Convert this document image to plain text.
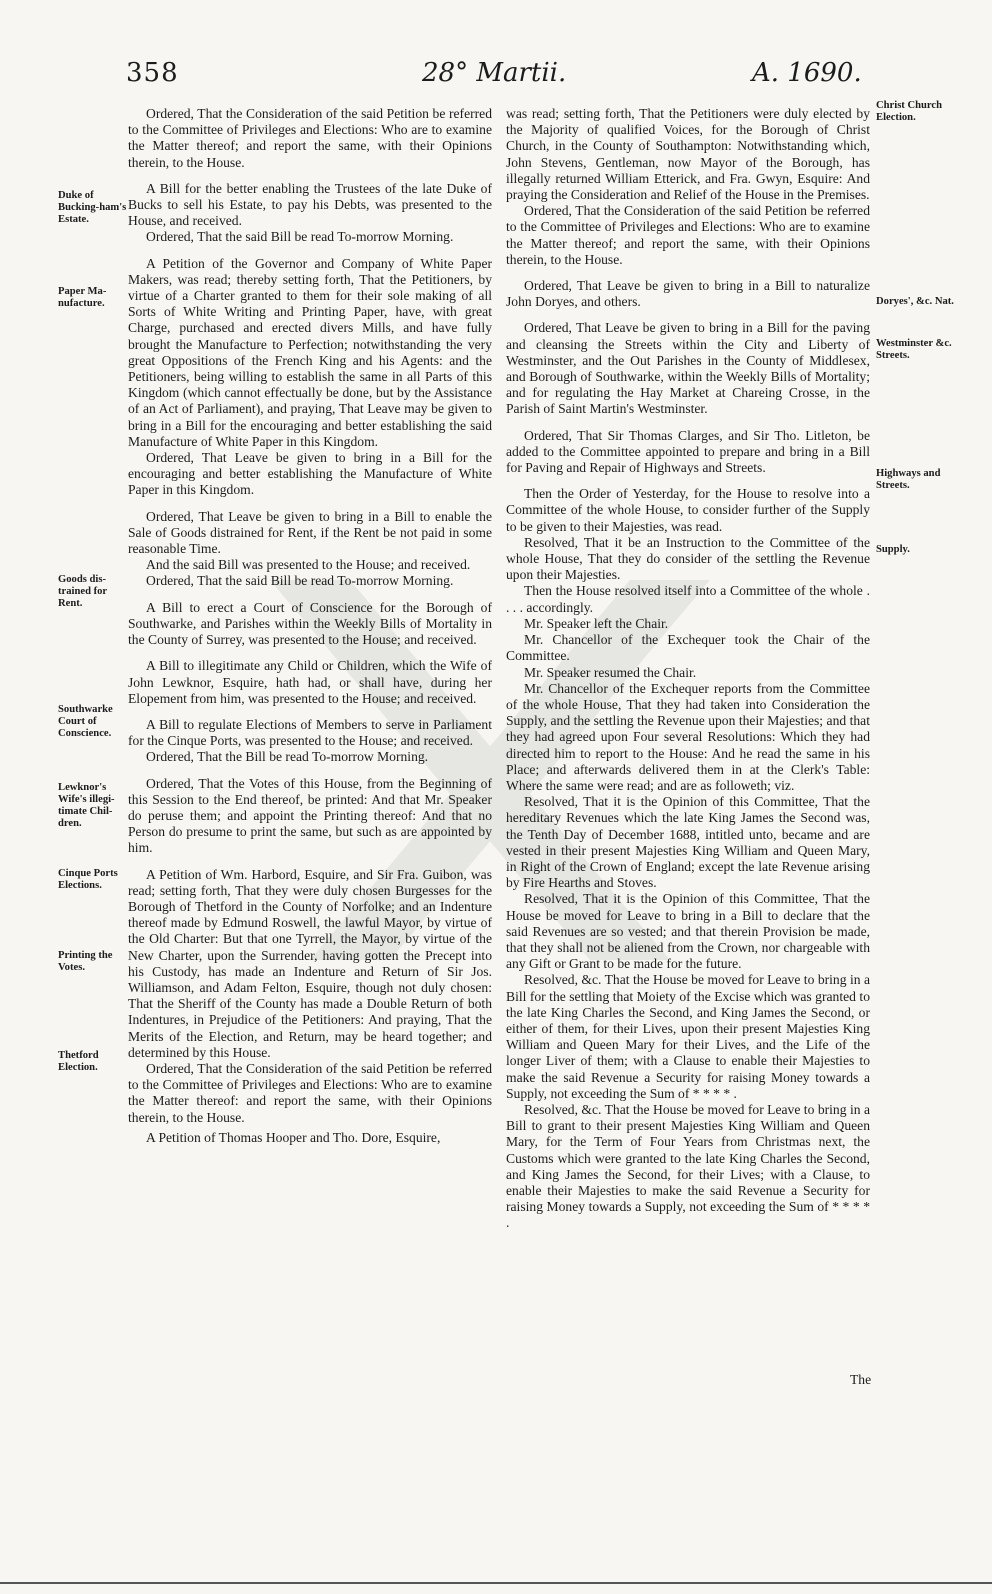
358	28° Martii.	A. 1690.
Duke of Bucking-ham's Estate.
Paper Ma-nufacture.
Goods dis-trained for Rent.
Southwarke Court of Conscience.
Lewknor's Wife's illegi-timate Chil-dren.
Cinque Ports Elections.
Printing the Votes.
Thetford Election.
Christ Church Election.
Doryes', &c. Nat.
Westminster &c. Streets.
Highways and Streets.
Supply.

Ordered, That the Consideration of the said Petition be referred to the Committee of Privileges and Elections: Who are to examine the Matter thereof; and report the same, with their Opinions therein, to the House.

A Bill for the better enabling the Trustees of the late Duke of Bucks to sell his Estate, to pay his Debts, was presented to the House, and received.

Ordered, That the said Bill be read To-morrow Morning.

A Petition of the Governor and Company of White Paper Makers, was read; thereby setting forth, That the Petitioners, by virtue of a Charter granted to them for their sole making of all Sorts of White Writing and Printing Paper, have, with great Charge, purchased and erected divers Mills, and have fully brought the Manufacture to Perfection; notwithstanding the very great Oppositions of the French King and his Agents: and the Petitioners, being willing to establish the same in all Parts of this Kingdom (which cannot effectually be done, but by the Assistance of an Act of Parliament), and praying, That Leave may be given to bring in a Bill for the encouraging and better establishing the said Manufacture of White Paper in this Kingdom.

Ordered, That Leave be given to bring in a Bill for the encouraging and better establishing the Manufacture of White Paper in this Kingdom.

Ordered, That Leave be given to bring in a Bill to enable the Sale of Goods distrained for Rent, if the Rent be not paid in some reasonable Time.

And the said Bill was presented to the House; and received.

Ordered, That the said Bill be read To-morrow Morning.

A Bill to erect a Court of Conscience for the Borough of Southwarke, and Parishes within the Weekly Bills of Mortality in the County of Surrey, was presented to the House; and received.

A Bill to illegitimate any Child or Children, which the Wife of John Lewknor, Esquire, hath had, or shall have, during her Elopement from him, was presented to the House; and received.

A Bill to regulate Elections of Members to serve in Parliament for the Cinque Ports, was presented to the House; and received.

Ordered, That the Bill be read To-morrow Morning.

Ordered, That the Votes of this House, from the Beginning of this Session to the End thereof, be printed: And that Mr. Speaker do peruse them; and appoint the Printing thereof: And that no Person do presume to print the same, but such as are appointed by him.

A Petition of Wm. Harbord, Esquire, and Sir Fra. Guibon, was read; setting forth, That they were duly chosen Burgesses for the Borough of Thetford in the County of Norfolke; and an Indenture thereof made by Edmund Roswell, the lawful Mayor, by virtue of the Old Charter: But that one Tyrrell, the Mayor, by virtue of the New Charter, upon the Surrender, having gotten the Precept into his Custody, has made an Indenture and Return of Sir Jos. Williamson, and Adam Felton, Esquire, though not duly chosen: That the Sheriff of the County has made a Double Return of both Indentures, in Prejudice of the Petitioners: And praying, That the Merits of the Election, and Return, may be heard together; and determined by this House.

Ordered, That the Consideration of the said Petition be referred to the Committee of Privileges and Elections: Who are to examine the Matter thereof: and report the same, with their Opinions therein, to the House.

A Petition of Thomas Hooper and Tho. Dore, Esquire,

was read; setting forth, That the Petitioners were duly elected by the Majority of qualified Voices, for the Borough of Christ Church, in the County of Southampton: Notwithstanding which, John Stevens, Gentleman, now Mayor of the Borough, has illegally returned William Etterick, and Fra. Gwyn, Esquire: And praying the Consideration and Relief of the House in the Premises.

Ordered, That the Consideration of the said Petition be referred to the Committee of Privileges and Elections: Who are to examine the Matter thereof; and report the same, with their Opinions therein, to the House.

Ordered, That Leave be given to bring in a Bill to naturalize John Doryes, and others.

Ordered, That Leave be given to bring in a Bill for the paving and cleansing the Streets within the City and Liberty of Westminster, and the Out Parishes in the County of Middlesex, and Borough of Southwarke, within the Weekly Bills of Mortality; and for regulating the Hay Market at Chareing Crosse, in the Parish of Saint Martin's Westminster.

Ordered, That Sir Thomas Clarges, and Sir Tho. Litleton, be added to the Committee appointed to prepare and bring in a Bill for Paving and Repair of Highways and Streets.

Then the Order of Yesterday, for the House to resolve into a Committee of the whole House, to consider further of the Supply to be given to their Majesties, was read.

Resolved, That it be an Instruction to the Committee of the whole House, That they do consider of the settling the Revenue upon their Majesties.

Then the House resolved itself into a Committee of the whole . . . . accordingly.

Mr. Speaker left the Chair.

Mr. Chancellor of the Exchequer took the Chair of the Committee.

Mr. Speaker resumed the Chair.

Mr. Chancellor of the Exchequer reports from the Committee of the whole House, That they had taken into Consideration the Supply, and the settling the Revenue upon their Majesties; and that they had agreed upon Four several Resolutions: Which they had directed him to report to the House: And he read the same in his Place; and afterwards delivered them in at the Clerk's Table: Where the same were read; and are as followeth; viz.

Resolved, That it is the Opinion of this Committee, That the hereditary Revenues which the late King James the Second was, the Tenth Day of December 1688, intitled unto, became and are vested in their present Majesties King William and Queen Mary, in Right of the Crown of England; except the late Revenue arising by Fire Hearths and Stoves.

Resolved, That it is the Opinion of this Committee, That the House be moved for Leave to bring in a Bill to declare that the said Revenues are so vested; and that therein Provision be made, that they shall not be aliened from the Crown, nor chargeable with any Gift or Grant to be made for the future.

Resolved, &c. That the House be moved for Leave to bring in a Bill for the settling that Moiety of the Excise which was granted to the late King Charles the Second, and King James the Second, or either of them, for their Lives, upon their present Majesties King William and Queen Mary for their Lives, and the Life of the longer Liver of them; with a Clause to enable their Majesties to make the said Revenue a Security for raising Money towards a Supply, not exceeding the Sum of * * * * .

Resolved, &c. That the House be moved for Leave to bring in a Bill to grant to their present Majesties King William and Queen Mary, for the Term of Four Years from Christmas next, the Customs which were granted to the late King Charles the Second, and King James the Second, for their Lives; with a Clause, to enable their Majesties to make the said Revenue a Security for raising Money towards a Supply, not exceeding the Sum of * * * * .

The
